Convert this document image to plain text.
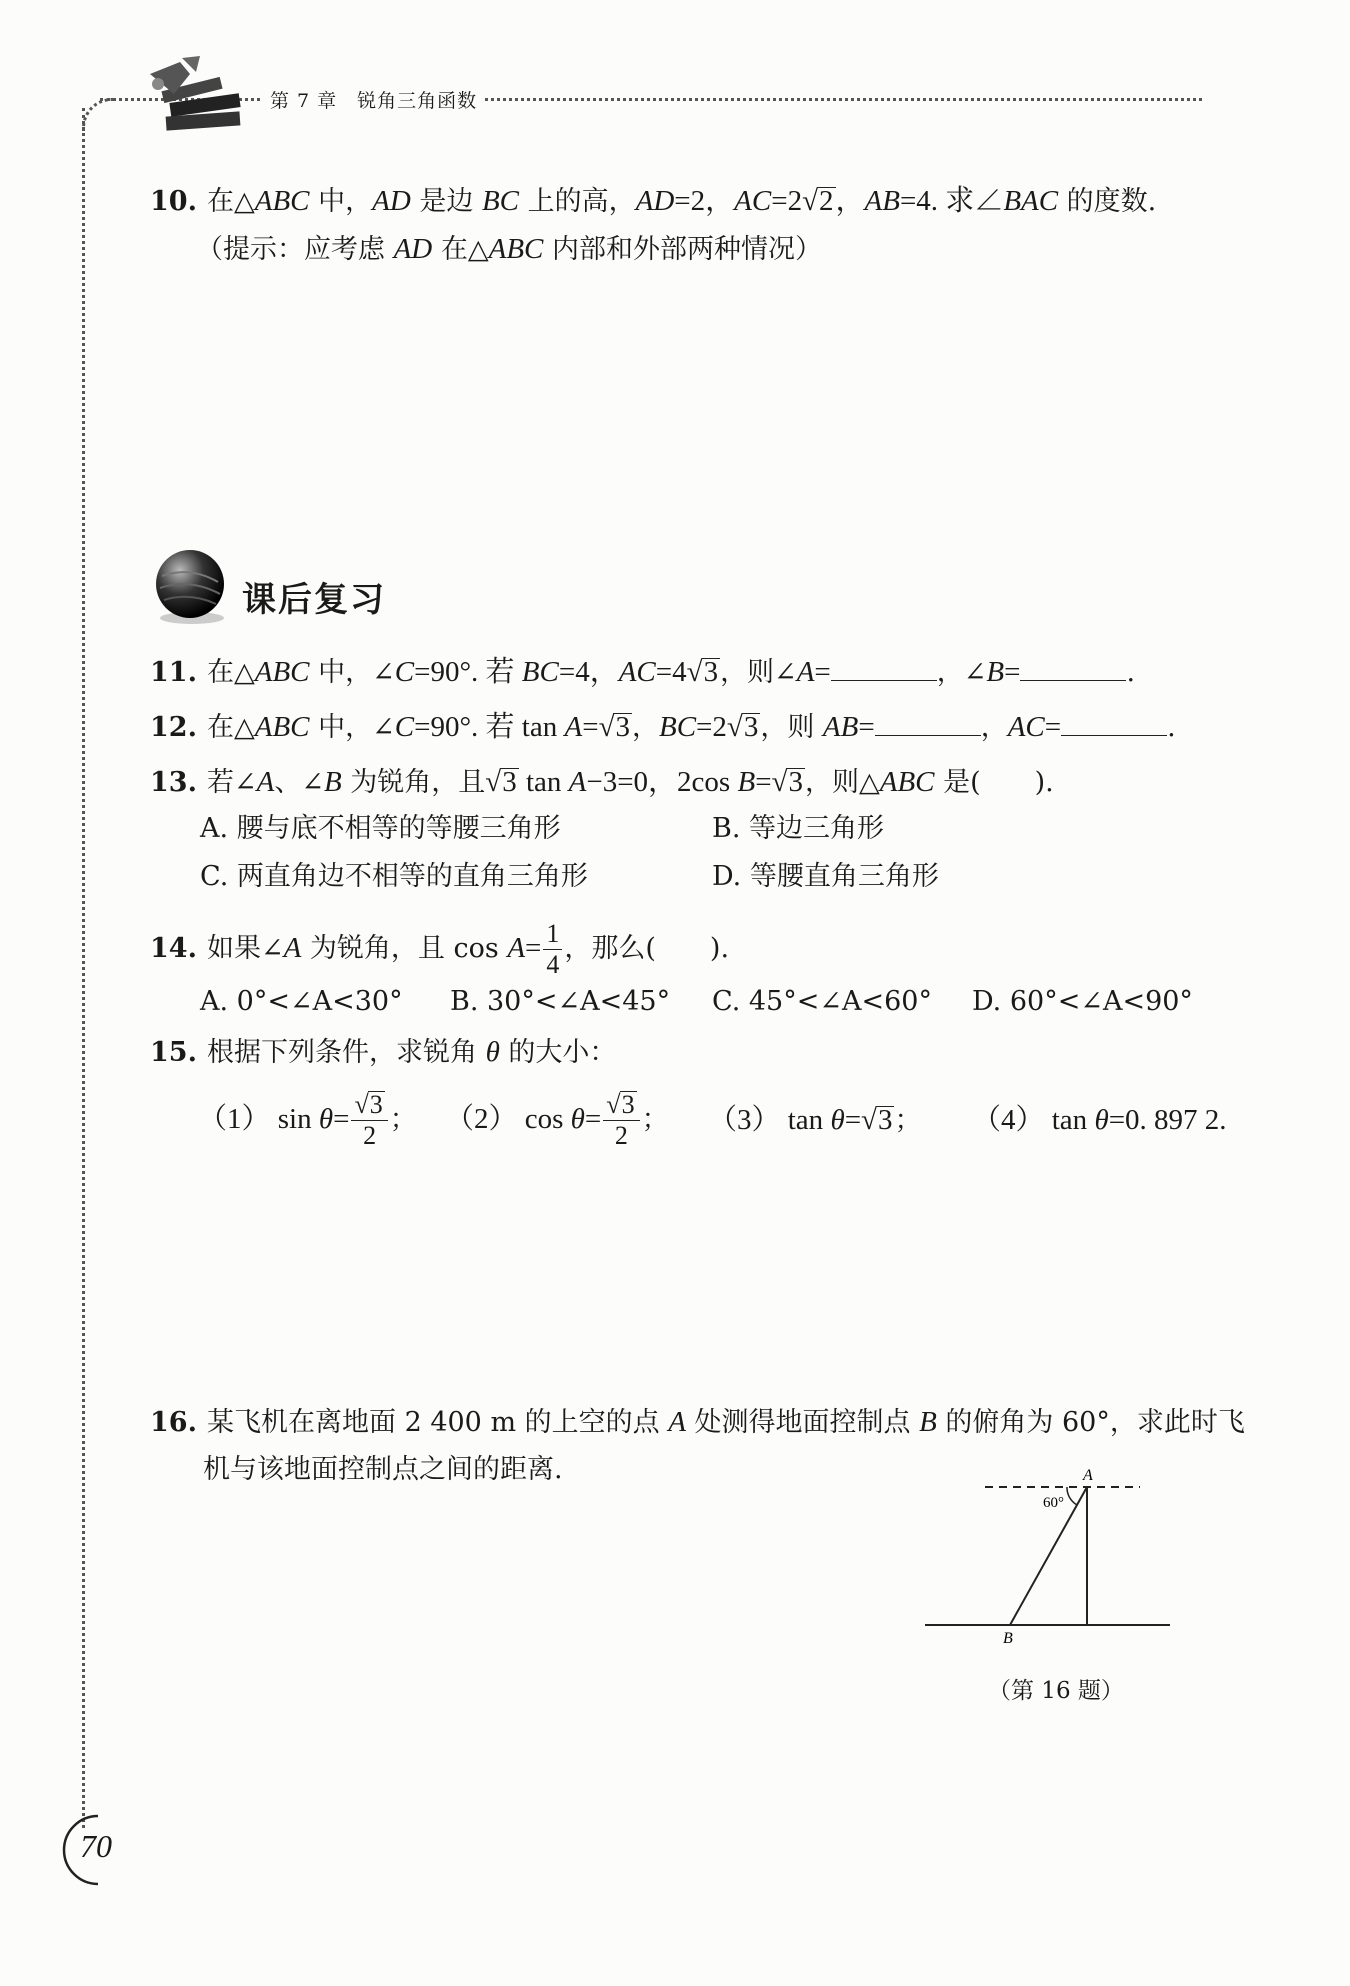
第 7 章　锐角三角函数
10. 在△ABC 中，AD 是边 BC 上的高，AD=2，AC=2√2，AB=4. 求∠BAC 的度数.
（提示：应考虑 AD 在△ABC 内部和外部两种情况）
课后复习
11. 在△ABC 中，∠C=90°. 若 BC=4，AC=4√3，则∠A=	，∠B=	.
12. 在△ABC 中，∠C=90°. 若 tan A=√3，BC=2√3，则 AB=	，AC=	.
13. 若∠A、∠B 为锐角，且√3 tan A−3=0，2cos B=√3，则△ABC 是(　　).
A. 腰与底不相等的等腰三角形	B. 等边三角形
C. 两直角边不相等的直角三角形	D. 等腰直角三角形
14. 如果∠A 为锐角，且 $\cos A= \frac{1}{4}$ ，那么(　　).
A. 0°<∠A<30° B. 30°<∠A<45° C. 45°<∠A<60° D. 60°<∠A<90°
15. 根据下列条件，求锐角 θ 的大小：
（1） $\sin \theta= \frac{√3}{2}$ ； （2） $\cos \theta= \frac{√3}{2}$ ； （3） tan θ=√3； （4） tan θ=0. 897 2.
16. 某飞机在离地面 2 400 m 的上空的点 A 处测得地面控制点 B 的俯角为 60°，求此时飞
机与该地面控制点之间的距离.	A
B
60°
（第 16 题）
70
